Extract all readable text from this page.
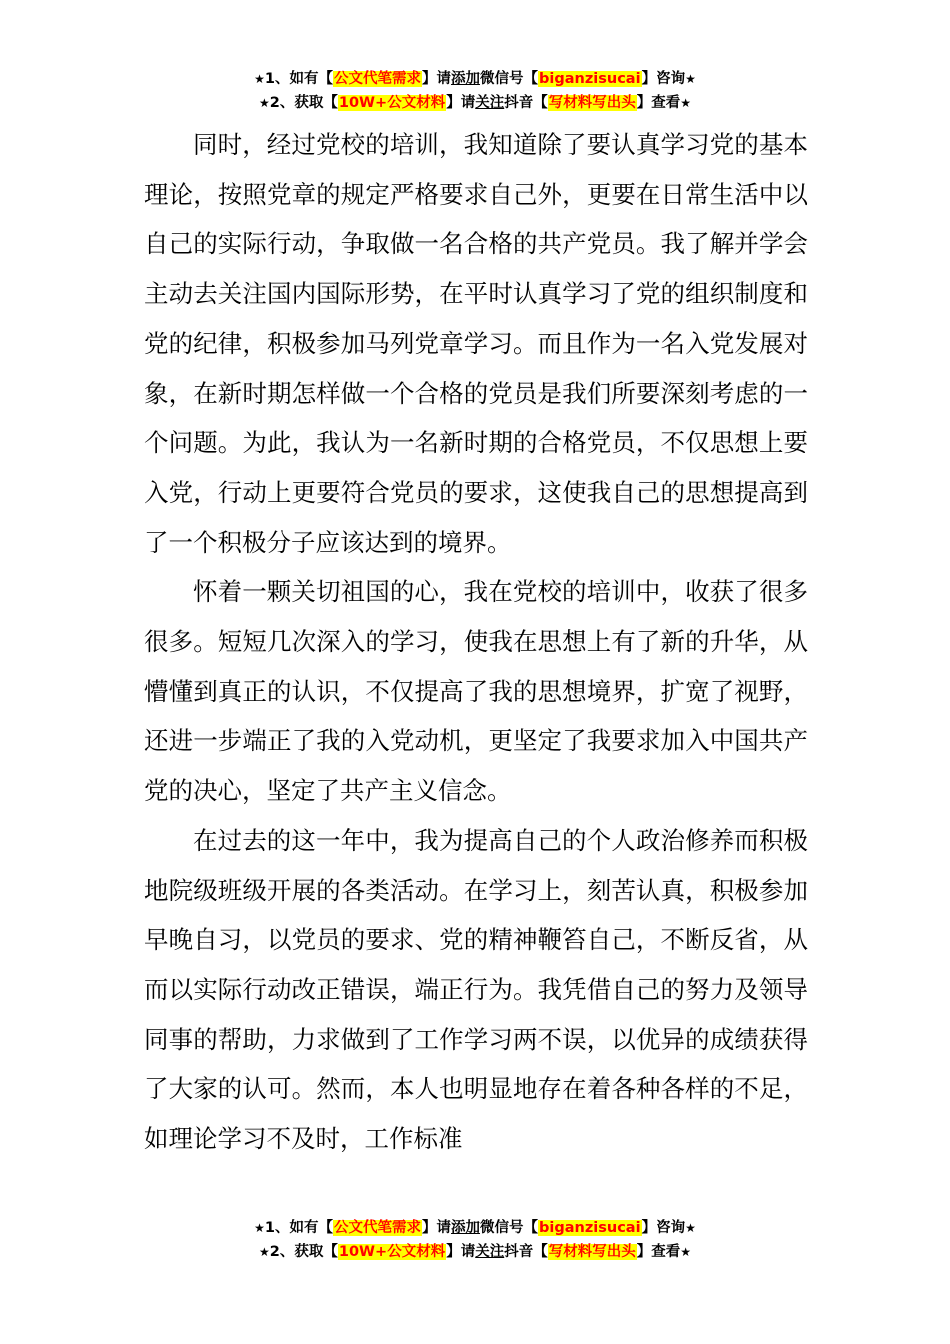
★1、如有【公文代笔需求】请添加微信号【biganzisucai】咨询★
★2、获取【10W+公文材料】请关注抖音【写材料写出头】查看★

同时，经过党校的培训，我知道除了要认真学习党的基本理论，按照党章的规定严格要求自己外，更要在日常生活中以自己的实际行动，争取做一名合格的共产党员。我了解并学会主动去关注国内国际形势，在平时认真学习了党的组织制度和党的纪律，积极参加马列党章学习。而且作为一名入党发展对象，在新时期怎样做一个合格的党员是我们所要深刻考虑的一个问题。为此，我认为一名新时期的合格党员，不仅思想上要入党，行动上更要符合党员的要求，这使我自己的思想提高到了一个积极分子应该达到的境界。

怀着一颗关切祖国的心，我在党校的培训中，收获了很多很多。短短几次深入的学习，使我在思想上有了新的升华，从懵懂到真正的认识，不仅提高了我的思想境界，扩宽了视野，还进一步端正了我的入党动机，更坚定了我要求加入中国共产党的决心，坚定了共产主义信念。

在过去的这一年中，我为提高自己的个人政治修养而积极地院级班级开展的各类活动。在学习上，刻苦认真，积极参加早晚自习，以党员的要求、党的精神鞭笞自己，不断反省，从而以实际行动改正错误，端正行为。我凭借自己的努力及领导同事的帮助，力求做到了工作学习两不误，以优异的成绩获得了大家的认可。然而，本人也明显地存在着各种各样的不足，如理论学习不及时，工作标准

★1、如有【公文代笔需求】请添加微信号【biganzisucai】咨询★
★2、获取【10W+公文材料】请关注抖音【写材料写出头】查看★
